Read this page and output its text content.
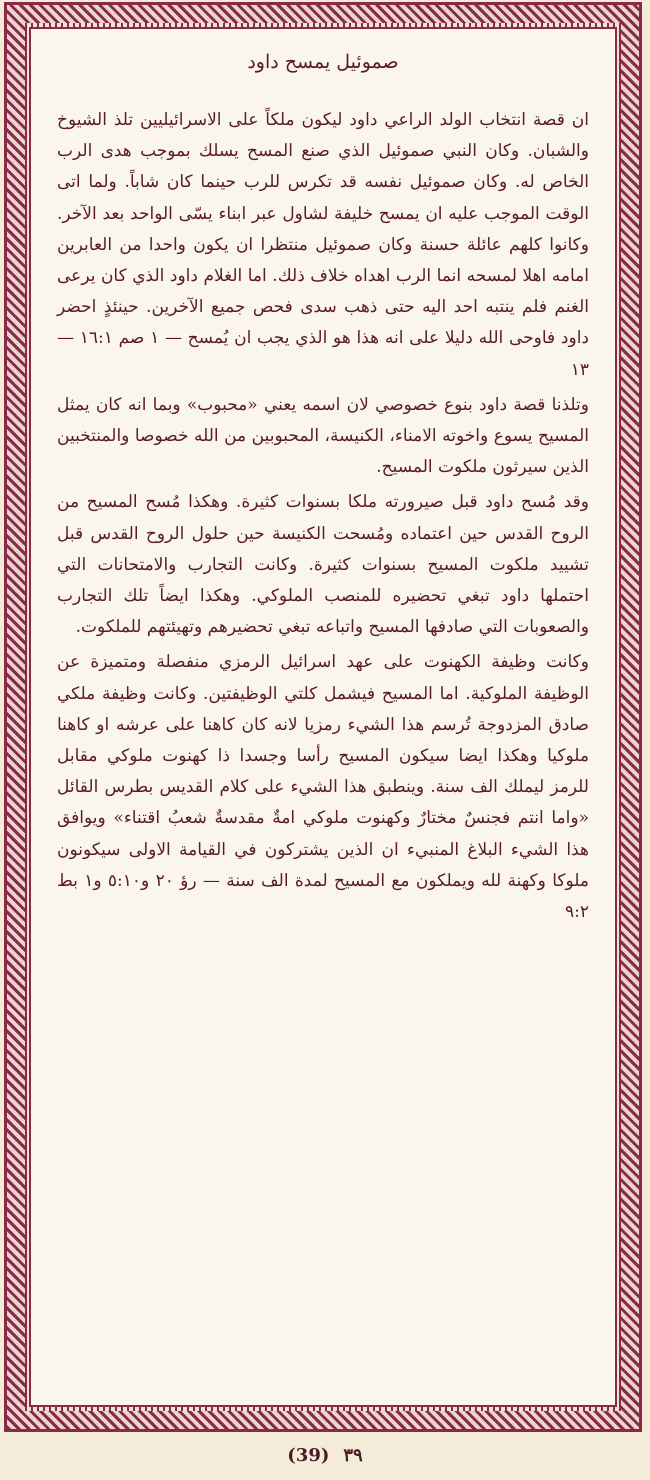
صموئيل يمسح داود

ان قصة انتخاب الولد الراعي داود ليكون ملكاً على الاسرائيليين تلذ الشيوخ والشبان. وكان النبي صموئيل الذي صنع المسح يسلك بموجب هدى الرب الخاص له. وكان صموئيل نفسه قد تكرس للرب حينما كان شاباً. ولما اتى الوقت الموجب عليه ان يمسح خليفة لشاول عبر ابناء يسّى الواحد بعد الآخر. وكانوا كلهم عائلة حسنة وكان صموئيل منتظرا ان يكون واحدا من العابرين امامه اهلا لمسحه انما الرب اهداه خلاف ذلك. اما الغلام داود الذي كان يرعى الغنم فلم ينتبه احد اليه حتى ذهب سدى فحص جميع الآخرين. حينئذٍ احضر داود فاوحى الله دليلا على انه هذا هو الذي يجب ان يُمسح — ١ صم ١٦:١ — ١٣

وتلذنا قصة داود بنوع خصوصي لان اسمه يعني «محبوب» وبما انه كان يمثل المسيح يسوع واخوته الامناء، الكنيسة، المحبوبين من الله خصوصا والمنتخبين الذين سيرثون ملكوت المسيح.

وقد مُسح داود قبل صيرورته ملكا بسنوات كثيرة. وهكذا مُسح المسيح من الروح القدس حين اعتماده ومُسحت الكنيسة حين حلول الروح القدس قبل تشييد ملكوت المسيح بسنوات كثيرة. وكانت التجارب والامتحانات التي احتملها داود تبغي تحضيره للمنصب الملوكي. وهكذا ايضاً تلك التجارب والصعوبات التي صادفها المسيح واتباعه تبغي تحضيرهم وتهيئتهم للملكوت.

وكانت وظيفة الكهنوت على عهد اسرائيل الرمزي منفصلة ومتميزة عن الوظيفة الملوكية. اما المسيح فيشمل كلتي الوظيفتين. وكانت وظيفة ملكي صادق المزدوجة تُرسم هذا الشيء رمزيا لانه كان كاهنا على عرشه او كاهنا ملوكيا وهكذا ايضا سيكون المسيح رأسا وجسدا ذا كهنوت ملوكي مقابل للرمز ليملك الف سنة. وينطبق هذا الشيء على كلام القديس بطرس القائل «واما انتم فجنسٌ مختارٌ وكهنوت ملوكي امةٌ مقدسةٌ شعبُ اقتناء» ويوافق هذا الشيء البلاغ المنبيء ان الذين يشتركون في القيامة الاولى سيكونون ملوكا وكهنة لله ويملكون مع المسيح لمدة الف سنة — رؤ ٢٠ و٥:١٠ و١ بط ٩:٢

(39) ٣٩
